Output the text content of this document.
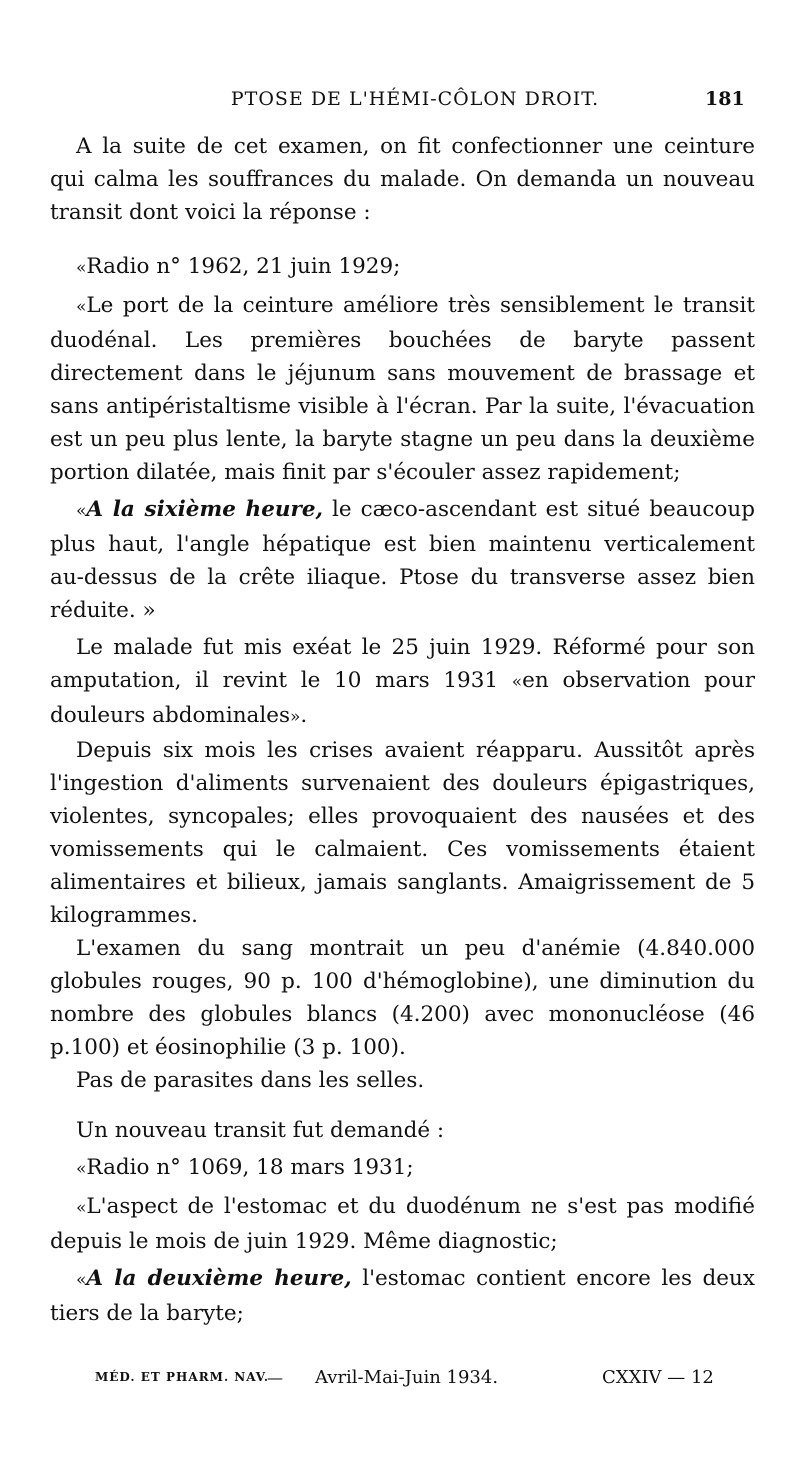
PTOSE DE L'HÉMI-CÔLON DROIT.	181

A la suite de cet examen, on fit confectionner une ceinture qui calma les souffrances du malade. On demanda un nouveau transit dont voici la réponse :

«Radio n° 1962, 21 juin 1929;

«Le port de la ceinture améliore très sensiblement le transit duodénal. Les premières bouchées de baryte passent directement dans le jéjunum sans mouvement de brassage et sans antipéristaltisme visible à l'écran. Par la suite, l'évacuation est un peu plus lente, la baryte stagne un peu dans la deuxième portion dilatée, mais finit par s'écouler assez rapidement;

«A la sixième heure, le cæco-ascendant est situé beaucoup plus haut, l'angle hépatique est bien maintenu verticalement au-dessus de la crête iliaque. Ptose du transverse assez bien réduite. »

Le malade fut mis exéat le 25 juin 1929. Réformé pour son amputation, il revint le 10 mars 1931 «en observation pour douleurs abdominales».

Depuis six mois les crises avaient réapparu. Aussitôt après l'ingestion d'aliments survenaient des douleurs épigastriques, violentes, syncopales; elles provoquaient des nausées et des vomissements qui le calmaient. Ces vomissements étaient alimentaires et bilieux, jamais sanglants. Amaigrissement de 5 kilogrammes.

L'examen du sang montrait un peu d'anémie (4.840.000 globules rouges, 90 p. 100 d'hémoglobine), une diminution du nombre des globules blancs (4.200) avec mononucléose (46 p.100) et éosinophilie (3 p. 100).

Pas de parasites dans les selles.

Un nouveau transit fut demandé :

«Radio n° 1069, 18 mars 1931;

«L'aspect de l'estomac et du duodénum ne s'est pas modifié depuis le mois de juin 1929. Même diagnostic;

«A la deuxième heure, l'estomac contient encore les deux tiers de la baryte;

MÉD. ET PHARM. NAV.
— Avril-Mai-Juin 1934.	CXXIV — 12
